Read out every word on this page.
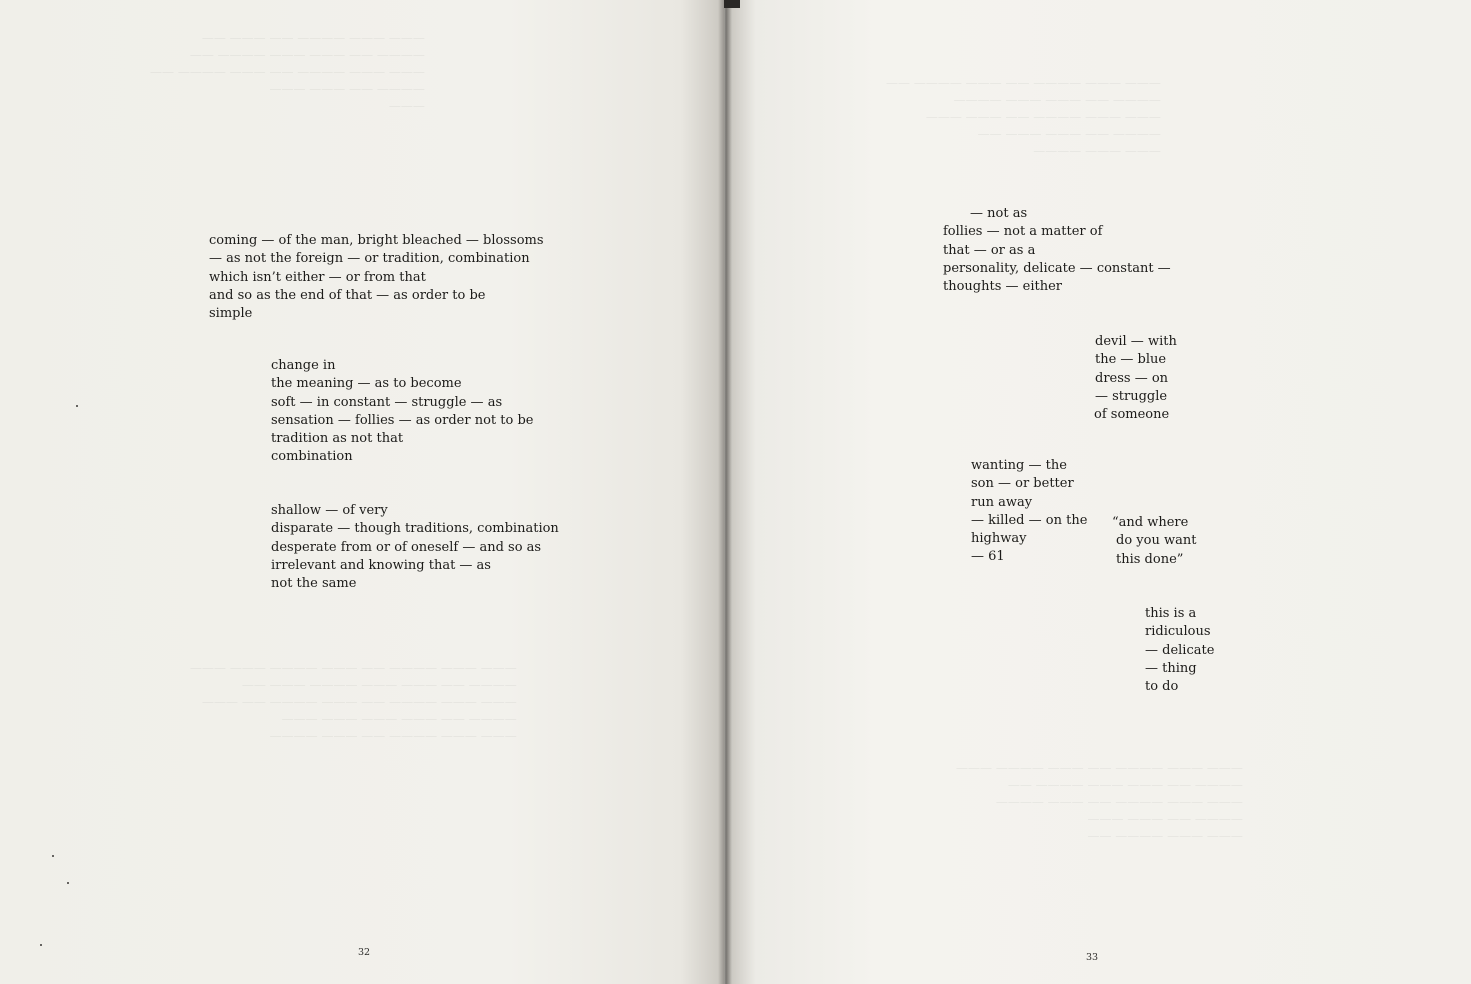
——— ——— ———— —— ——— ——
———— —— ——— ——— ———— ——
——— ——— ———— —— ——— ———— ——
———— —— ——— ———
———
——— ——— ———— —— ——— ———— ——— ———
———— —— ——— ——— ———— ——— ——
——— ——— ———— —— ——— ———— —— ———
———— —— ——— ——— ——— ———
——— ——— ———— —— ——— ————
coming — of the man, bright bleached — blossoms
— as not the foreign — or tradition, combination
which isn’t either — or from that
and so as the end of that — as order to be
simple
change in
the meaning — as to become
soft — in constant — struggle — as
sensation — follies — as order not to be
tradition as not that
combination
shallow — of very
disparate — though traditions, combination
desperate from or of oneself — and so as
irrelevant and knowing that — as
not the same
32
——— ——— ———— —— ——— ———— ——
———— —— ——— ——— ————
——— ——— ———— —— ——— ———
———— —— ——— ——— ——
——— ——— ————
——— ——— ———— —— ——— ———— ———
———— —— ——— ——— ———— ——
——— ——— ———— —— ——— ————
———— —— ——— ———
——— ——— ———— ——
— not as
follies — not a matter of
that — or as a
personality, delicate — constant —
thoughts — either
devil — with
the — blue
dress — on
— struggle
of someone
wanting — the
son — or better
run away
— killed — on the
highway
— 61
“and where
do you want
this done”
this is a
ridiculous
— delicate
— thing
to do
33
